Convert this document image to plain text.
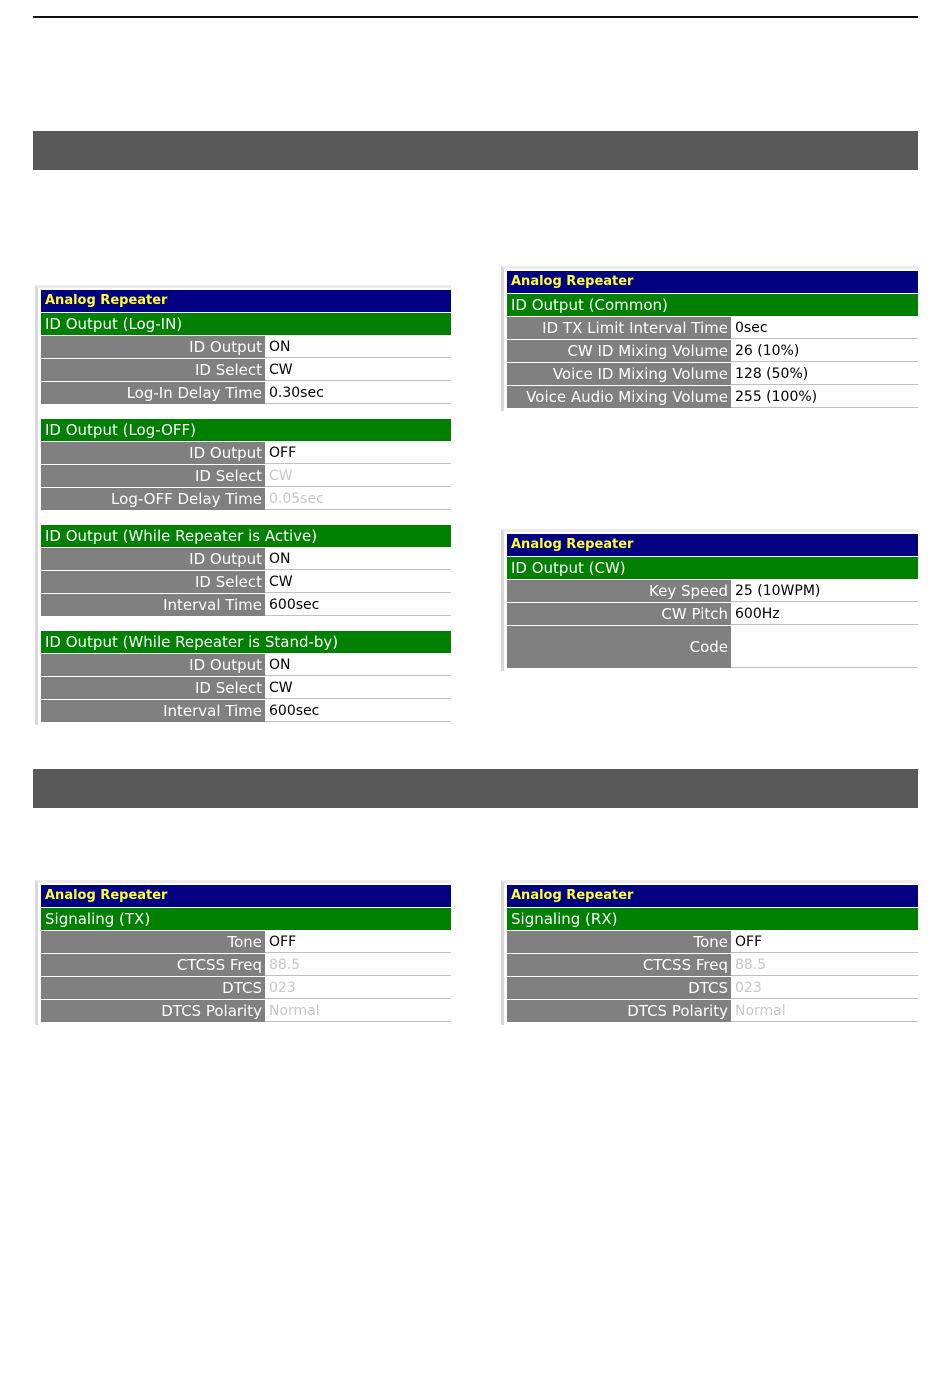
Analog Repeater
ID Output (Log-IN)
ID Output ON
ID Select CW
Log-In Delay Time 0.30sec
ID Output (Log-OFF)
ID Output OFF
ID Select CW
Log-OFF Delay Time 0.05sec
ID Output (While Repeater is Active)
ID Output ON
ID Select CW
Interval Time 600sec
ID Output (While Repeater is Stand-by)
ID Output ON
ID Select CW
Interval Time 600sec
Analog Repeater
ID Output (Common)
ID TX Limit Interval Time 0sec
CW ID Mixing Volume 26 (10%)
Voice ID Mixing Volume 128 (50%)
Voice Audio Mixing Volume 255 (100%)
Analog Repeater
ID Output (CW)
Key Speed 25 (10WPM)
CW Pitch 600Hz
Code
Analog Repeater
Signaling (TX)
Tone OFF
CTCSS Freq 88.5
DTCS 023
DTCS Polarity Normal
Analog Repeater
Signaling (RX)
Tone OFF
CTCSS Freq 88.5
DTCS 023
DTCS Polarity Normal
